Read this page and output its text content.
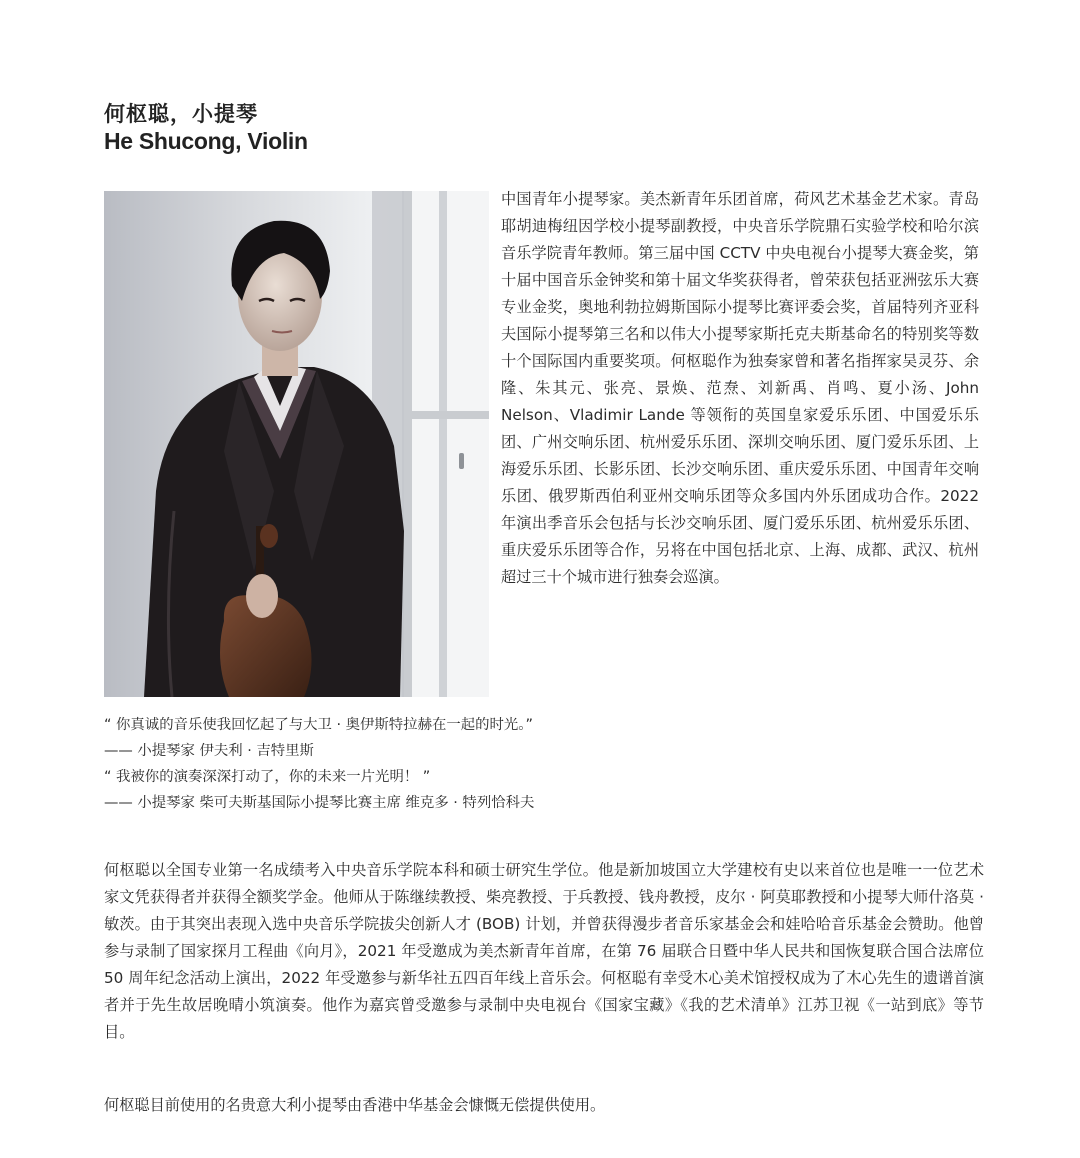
何枢聪，小提琴
He Shucong, Violin

中国青年小提琴家。美杰新青年乐团首席，荷风艺术基金艺术家。青岛耶胡迪梅纽因学校小提琴副教授，中央音乐学院鼎石实验学校和哈尔滨音乐学院青年教师。第三届中国 CCTV 中央电视台小提琴大赛金奖，第十届中国音乐金钟奖和第十届文华奖获得者，曾荣获包括亚洲弦乐大赛专业金奖，奥地利勃拉姆斯国际小提琴比赛评委会奖，首届特列齐亚科夫国际小提琴第三名和以伟大小提琴家斯托克夫斯基命名的特别奖等数十个国际国内重要奖项。何枢聪作为独奏家曾和著名指挥家吴灵芬、余隆、朱其元、张亮、景焕、范焘、刘新禹、肖鸣、夏小汤、John Nelson、Vladimir Lande 等领衔的英国皇家爱乐乐团、中国爱乐乐团、广州交响乐团、杭州爱乐乐团、深圳交响乐团、厦门爱乐乐团、上海爱乐乐团、长影乐团、长沙交响乐团、重庆爱乐乐团、中国青年交响乐团、俄罗斯西伯利亚州交响乐团等众多国内外乐团成功合作。2022 年演出季音乐会包括与长沙交响乐团、厦门爱乐乐团、杭州爱乐乐团、重庆爱乐乐团等合作，另将在中国包括北京、上海、成都、武汉、杭州超过三十个城市进行独奏会巡演。

“ 你真诚的音乐使我回忆起了与大卫 · 奥伊斯特拉赫在一起的时光。”
—— 小提琴家 伊夫利 · 吉特里斯
“ 我被你的演奏深深打动了，你的未来一片光明！ ”
—— 小提琴家 柴可夫斯基国际小提琴比赛主席 维克多 · 特列恰科夫

何枢聪以全国专业第一名成绩考入中央音乐学院本科和硕士研究生学位。他是新加坡国立大学建校有史以来首位也是唯一一位艺术家文凭获得者并获得全额奖学金。他师从于陈继续教授、柴亮教授、于兵教授、钱舟教授，皮尔 · 阿莫耶教授和小提琴大师什洛莫 · 敏茨。由于其突出表现入选中央音乐学院拔尖创新人才 (BOB) 计划，并曾获得漫步者音乐家基金会和娃哈哈音乐基金会赞助。他曾参与录制了国家探月工程曲《向月》，2021 年受邀成为美杰新青年首席，在第 76 届联合日暨中华人民共和国恢复联合国合法席位 50 周年纪念活动上演出，2022 年受邀参与新华社五四百年线上音乐会。何枢聪有幸受木心美术馆授权成为了木心先生的遗谱首演者并于先生故居晚晴小筑演奏。他作为嘉宾曾受邀参与录制中央电视台《国家宝藏》《我的艺术清单》江苏卫视《一站到底》等节目。

何枢聪目前使用的名贵意大利小提琴由香港中华基金会慷慨无偿提供使用。
